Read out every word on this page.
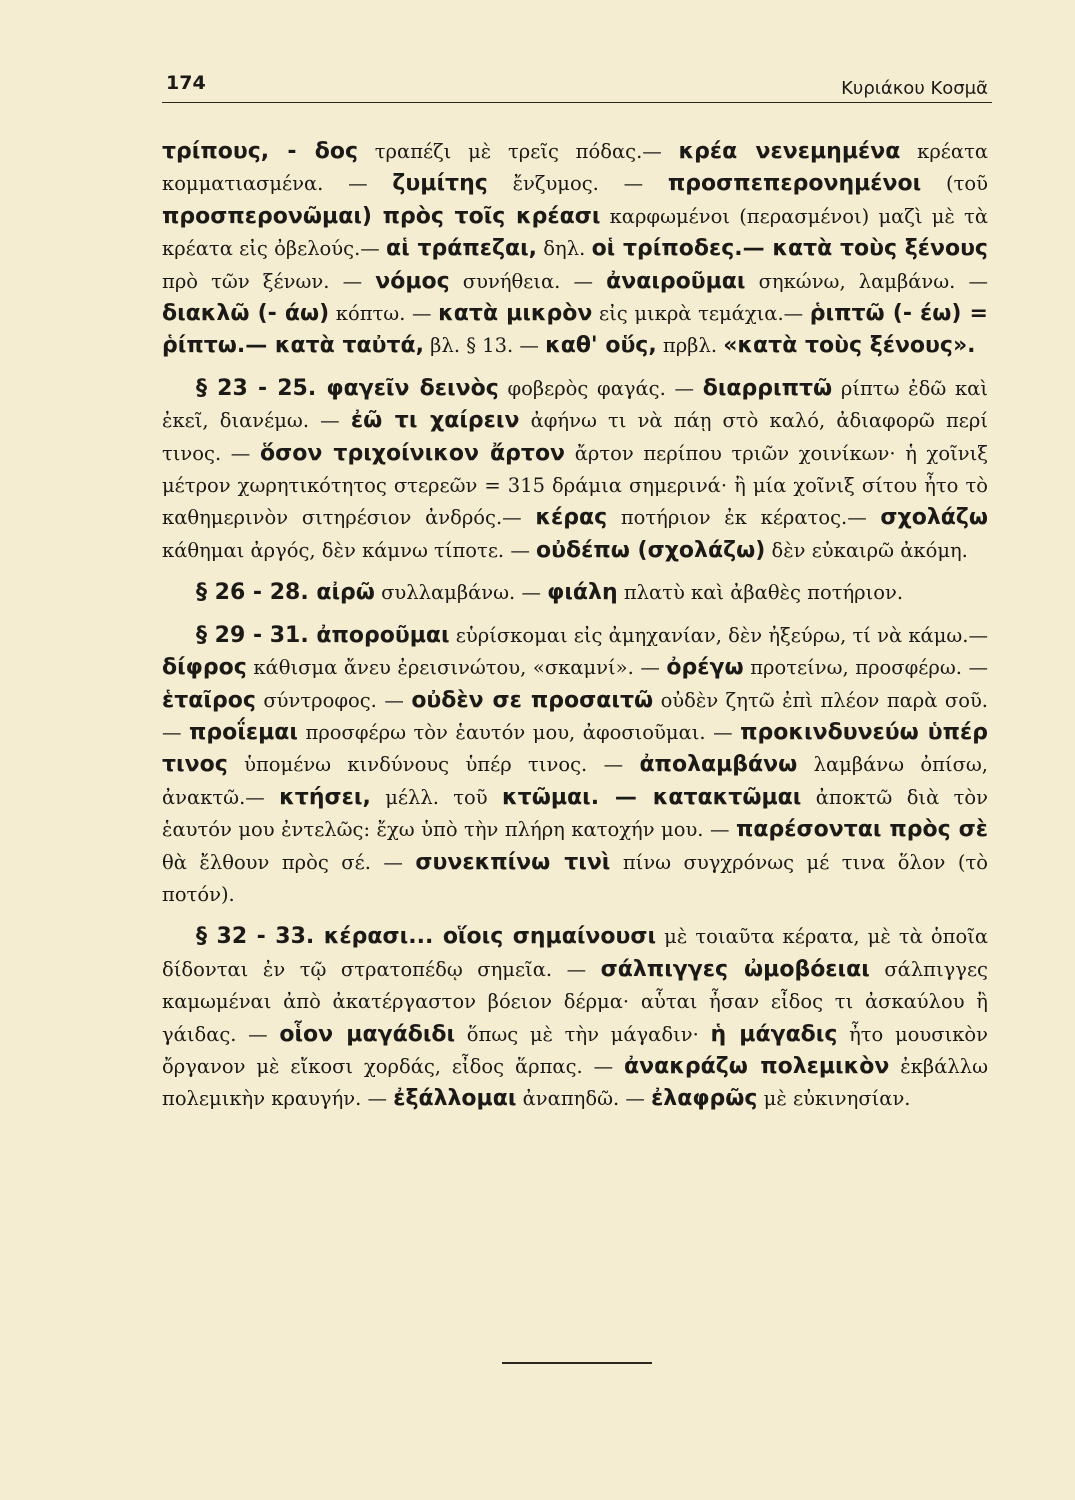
174	Κυριάκου Κοσμᾶ

τρίπους, - δος τραπέζι μὲ τρεῖς πόδας.— κρέα νενεμημένα κρέατα κομματιασμένα. — ζυμίτης ἔνζυμος. — προσπεπερονημένοι (τοῦ προσπερονῶμαι) πρὸς τοῖς κρέασι καρφωμένοι (περασμένοι) μαζὶ μὲ τὰ κρέατα εἰς ὀβελούς.— αἱ τράπεζαι, δηλ. οἱ τρίποδες.— κατὰ τοὺς ξένους πρὸ τῶν ξένων. — νόμος συνήθεια. — ἀναιροῦμαι σηκώνω, λαμβάνω. — διακλῶ (- άω) κόπτω. — κατὰ μικρὸν εἰς μικρὰ τεμάχια.— ῥιπτῶ (- έω) = ῥίπτω.— κατὰ ταὐτά, βλ. § 13. — καθ' οὕς, πρβλ. «κατὰ τοὺς ξένους».

§ 23 - 25. φαγεῖν δεινὸς φοβερὸς φαγάς. — διαρριπτῶ ρίπτω ἐδῶ καὶ ἐκεῖ, διανέμω. — ἐῶ τι χαίρειν ἀφήνω τι νὰ πάῃ στὸ καλό, ἀδιαφορῶ περί τινος. — ὅσον τριχοίνικον ἄρτον ἄρτον περίπου τριῶν χοινίκων· ἡ χοῖνιξ μέτρον χωρητικότητος στερεῶν = 315 δράμια σημερινά· ἢ μία χοῖνιξ σίτου ἦτο τὸ καθημερινὸν σιτηρέσιον ἀνδρός.— κέρας ποτήριον ἐκ κέρατος.— σχολάζω κάθημαι ἀργός, δὲν κάμνω τίποτε. — οὐδέπω (σχολάζω) δὲν εὐκαιρῶ ἀκόμη.

§ 26 - 28. αἰρῶ συλλαμβάνω. — φιάλη πλατὺ καὶ ἀβαθὲς ποτήριον.

§ 29 - 31. ἀποροῦμαι εὑρίσκομαι εἰς ἀμηχανίαν, δὲν ἠξεύρω, τί νὰ κάμω.— δίφρος κάθισμα ἄνευ ἐρεισινώτου, «σκαμνί». — ὀρέγω προτείνω, προσφέρω. — ἑταῖρος σύντροφος. — οὐδὲν σε προσαιτῶ οὐδὲν ζητῶ ἐπὶ πλέον παρὰ σοῦ.— προΐεμαι προσφέρω τὸν ἑαυτόν μου, ἀφοσιοῦμαι. — προκινδυνεύω ὑπέρ τινος ὑπομένω κινδύνους ὑπέρ τινος. — ἀπολαμβάνω λαμβάνω ὀπίσω, ἀνακτῶ.— κτήσει, μέλλ. τοῦ κτῶμαι. — κατακτῶμαι ἀποκτῶ διὰ τὸν ἑαυτόν μου ἐντελῶς: ἔχω ὑπὸ τὴν πλήρη κατοχήν μου. — παρέσονται πρὸς σὲ θὰ ἔλθουν πρὸς σέ. — συνεκπίνω τινὶ πίνω συγχρόνως μέ τινα ὅλον (τὸ ποτόν).

§ 32 - 33. κέρασι... οἵοις σημαίνουσι μὲ τοιαῦτα κέρατα, μὲ τὰ ὁποῖα δίδονται ἐν τῷ στρατοπέδῳ σημεῖα. — σάλπιγγες ὠμοβόειαι σάλπιγγες καμωμέναι ἀπὸ ἀκατέργαστον βόειον δέρμα· αὗται ἦσαν εἶδος τι ἀσκαύλου ἢ γάιδας. — οἷον μαγάδιδι ὅπως μὲ τὴν μάγαδιν· ἡ μάγαδις ἦτο μουσικὸν ὄργανον μὲ εἴκοσι χορδάς, εἶδος ἅρπας. — ἀνακράζω πολεμικὸν ἐκβάλλω πολεμικὴν κραυγήν. — ἐξάλλομαι ἀναπηδῶ. — ἐλαφρῶς μὲ εὐκινησίαν.
